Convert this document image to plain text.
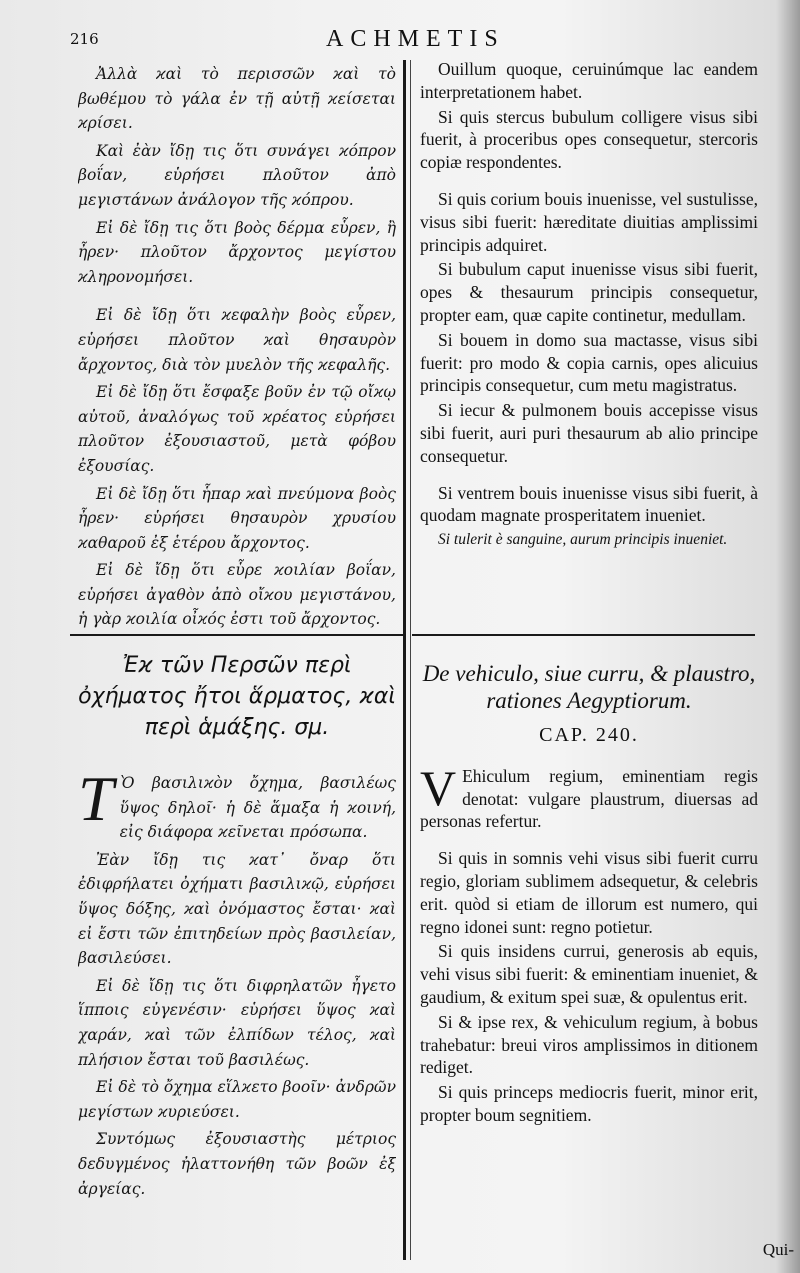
216	ACHMETIS

Ἀλλὰ ϰαὶ τὸ περισσῶν ϰαὶ τὸ βωθέμου τὸ γάλα ἐν τῇ αὐτῇ ϰείσεται ϰρίσει.

Καὶ ἐὰν ἴδῃ τις ὅτι συνάγει ϰόπρον βοΐαν, εὑρήσει πλοῦτον ἀπὸ μεγιστάνων ἀνάλογον τῆς ϰόπρου.

Εἰ δὲ ἴδῃ τις ὅτι βοὸς δέρμα εὗρεν, ἢ ἦρεν· πλοῦτον ἄρχοντος μεγίστου ϰληρονομήσει.

Εἰ δὲ ἴδῃ ὅτι ϰεφαλὴν βοὸς εὗρεν, εὑρήσει πλοῦτον ϰαὶ θησαυρὸν ἄρχοντος, διὰ τὸν μυελὸν τῆς ϰεφαλῆς.

Εἰ δὲ ἴδῃ ὅτι ἔσφαξε βοῦν ἐν τῷ οἴϰῳ αὐτοῦ, ἀναλόγως τοῦ ϰρέατος εὑρήσει πλοῦτον ἐξουσιαστοῦ, μετὰ φόβου ἐξουσίας.

Εἰ δὲ ἴδῃ ὅτι ἧπαρ ϰαὶ πνεύμονα βοὸς ἦρεν· εὑρήσει θησαυρὸν χρυσίου ϰαθαροῦ ἐξ ἑτέρου ἄρχοντος.

Εἰ δὲ ἴδῃ ὅτι εὗρε ϰοιλίαν βοΐαν, εὑρήσει ἀγαθὸν ἀπὸ οἴϰου μεγιστάνου, ἡ γὰρ ϰοιλία οἶϰός ἐστι τοῦ ἄρχοντος.

Ouillum quoque, ceruinúmque lac eandem interpretationem habet.

Si quis stercus bubulum colligere visus sibi fuerit, à proceribus opes consequetur, stercoris copiæ respondentes.

Si quis corium bouis inuenisse, vel sustulisse, visus sibi fuerit: hæreditate diuitias amplissimi principis adquiret.

Si bubulum caput inuenisse visus sibi fuerit, opes & thesaurum principis consequetur, propter eam, quæ capite continetur, medullam.

Si bouem in domo sua mactasse, visus sibi fuerit: pro modo & copia carnis, opes alicuius principis consequetur, cum metu magistratus.

Si iecur & pulmonem bouis accepisse visus sibi fuerit, auri puri thesaurum ab alio principe consequetur.

Si ventrem bouis inuenisse visus sibi fuerit, à quodam magnate prosperitatem inueniet.

Si tulerit è sanguine, aurum principis inueniet.

Ἐϰ τῶν Περσῶν περὶ ὀχήματος ἤτοι ἅρματος, ϰαὶ περὶ ἁμάξης. σμ.

Τ Ὸ βασιλιϰὸν ὄχημα, βασιλέως ὕψος δηλοῖ· ἡ δὲ ἅμαξα ἡ ϰοινή, εἰς διάφορα ϰεῖνεται πρόσωπα.

Ἐὰν ἴδῃ τις ϰατ᾽ ὄναρ ὅτι ἐδιφρήλατει ὀχήματι βασιλιϰῷ, εὑρήσει ὕψος δόξης, ϰαὶ ὀνόμαστος ἔσται· ϰαὶ εἰ ἔστι τῶν ἐπιτηδείων πρὸς βασιλείαν, βασιλεύσει.

Εἰ δὲ ἴδῃ τις ὅτι διφρηλατῶν ἦγετο ἵπποις εὐγενέσιν· εὑρήσει ὕψος ϰαὶ χαράν, ϰαὶ τῶν ἐλπίδων τέλος, ϰαὶ πλήσιον ἔσται τοῦ βασιλέως.

Εἰ δὲ τὸ ὄχημα εἵλϰετο βοοῖν· ἀνδρῶν μεγίστων ϰυριεύσει.

Συντόμως ἐξουσιαστὴς μέτριος δεδυγμένος ἠλαττονήθη τῶν βοῶν ἐξ ἀργείας.

De vehiculo, siue curru, & plaustro, rationes Aegyptiorum.
CAP. 240.

V Ehiculum regium, eminentiam regis denotat: vulgare plaustrum, diuersas ad personas refertur.

Si quis in somnis vehi visus sibi fuerit curru regio, gloriam sublimem adsequetur, & celebris erit. quòd si etiam de illorum est numero, qui regno idonei sunt: regno potietur.

Si quis insidens currui, generosis ab equis, vehi visus sibi fuerit: & eminentiam inueniet, & gaudium, & exitum spei suæ, & opulentus erit.

Si & ipse rex, & vehiculum regium, à bobus trahebatur: breui viros amplissimos in ditionem rediget.

Si quis princeps mediocris fuerit, minor erit, propter boum segnitiem.

Qui-
